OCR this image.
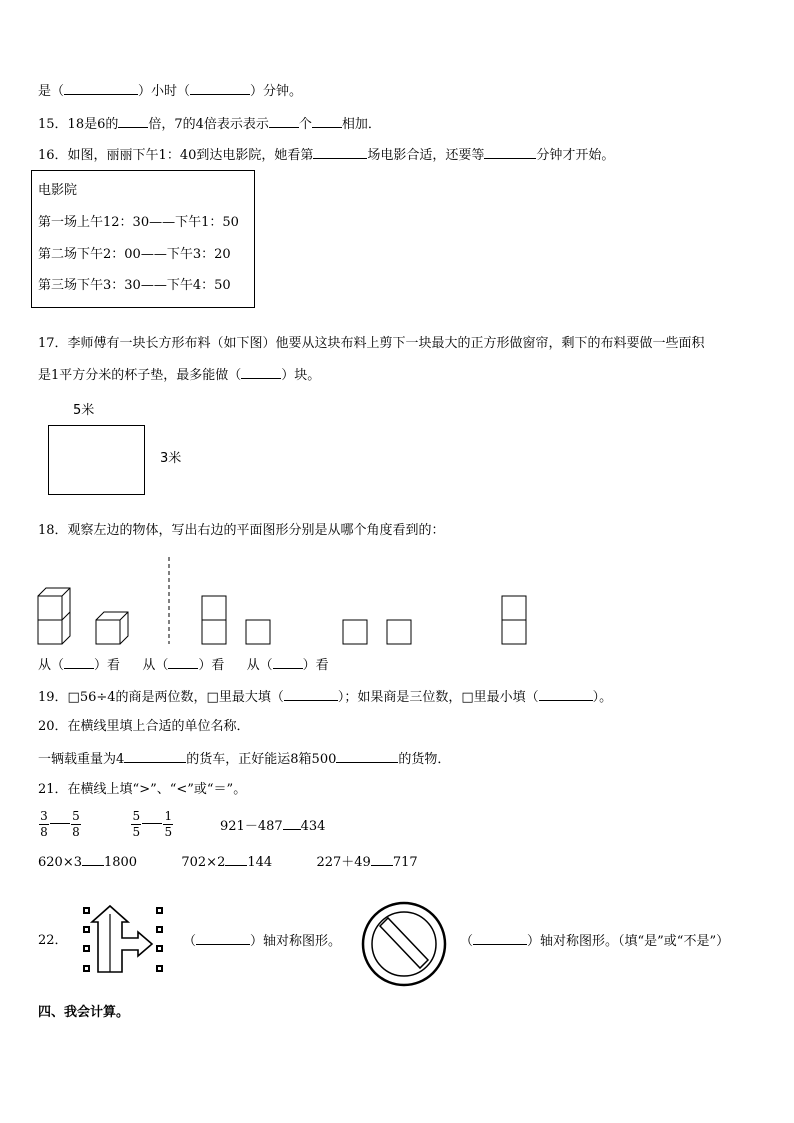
是（	）小时（	）分钟。
15．18是6的 倍，7的4倍表示表示 个 相加．
16．如图，丽丽下午1：40到达电影院，她看第	场电影合适，还要等	分钟才开始。
电影院
第一场上午12：30——下午1：50
第二场下午2：00——下午3：20
第三场下午3：30——下午4：50
17．李师傅有一块长方形布料（如下图）他要从这块布料上剪下一块最大的正方形做窗帘，剩下的布料要做一些面积
是1平方分米的杯子垫，最多能做（	）块。
5米
3米
18．观察左边的物体，写出右边的平面图形分别是从哪个角度看到的：
从（ ）看 从（ ）看 从（ ）看
19．□56÷4的商是两位数，□里最大填（	）；如果商是三位数，□里最小填（	）。
20．在横线里填上合适的单位名称．
一辆载重量为4	的货车，正好能运8箱500	的货物．
21．在横线上填“>”、“<”或“＝”。
$\frac{3}{8} \frac{5}{8}$
	$\frac{5}{5} \frac{1}{5}$	921－487 434
620×3 1800	702×2 144	227＋49 717
22．	（	）轴对称图形。	（	）轴对称图形。（填“是”或“不是”）
四、我会计算。
